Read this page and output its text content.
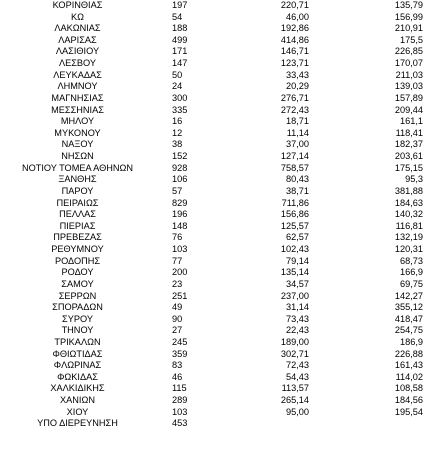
ΚΟΡΙΝΘΙΑΣ	197	220,71	135,79
ΚΩ	54	46,00	156,99
ΛΑΚΩΝΙΑΣ	188	192,86	210,91
ΛΑΡΙΣΑΣ	499	414,86	175,5
ΛΑΣΙΘΙΟΥ	171	146,71	226,85
ΛΕΣΒΟΥ	147	123,71	170,07
ΛΕΥΚΑΔΑΣ	50	33,43	211,03
ΛΗΜΝΟΥ	24	20,29	139,03
ΜΑΓΝΗΣΙΑΣ	300	276,71	157,89
ΜΕΣΣΗΝΙΑΣ	335	272,43	209,44
ΜΗΛΟΥ	16	18,71	161,1
ΜΥΚΟΝΟΥ	12	11,14	118,41
ΝΑΞΟΥ	38	37,00	182,37
ΝΗΣΩΝ	152	127,14	203,61
ΝΟΤΙΟΥ ΤΟΜΕΑ ΑΘΗΝΩΝ	928	758,57	175,15
ΞΑΝΘΗΣ	106	80,43	95,3
ΠΑΡΟΥ	57	38,71	381,88
ΠΕΙΡΑΙΩΣ	829	711,86	184,63
ΠΕΛΛΑΣ	196	156,86	140,32
ΠΙΕΡΙΑΣ	148	125,57	116,81
ΠΡΕΒΕΖΑΣ	76	62,57	132,19
ΡΕΘΥΜΝΟΥ	103	102,43	120,31
ΡΟΔΟΠΗΣ	77	79,14	68,73
ΡΟΔΟΥ	200	135,14	166,9
ΣΑΜΟΥ	23	34,57	69,75
ΣΕΡΡΩΝ	251	237,00	142,27
ΣΠΟΡΑΔΩΝ	49	31,14	355,12
ΣΥΡΟΥ	90	73,43	418,47
ΤΗΝΟΥ	27	22,43	254,75
ΤΡΙΚΑΛΩΝ	245	189,00	186,9
ΦΘΙΩΤΙΔΑΣ	359	302,71	226,88
ΦΛΩΡΙΝΑΣ	83	72,43	161,43
ΦΩΚΙΔΑΣ	46	54,43	114,02
ΧΑΛΚΙΔΙΚΗΣ	115	113,57	108,58
ΧΑΝΙΩΝ	289	265,14	184,56
ΧΙΟΥ	103	95,00	195,54
ΥΠΟ ΔΙΕΡΕΥΝΗΣΗ	453
